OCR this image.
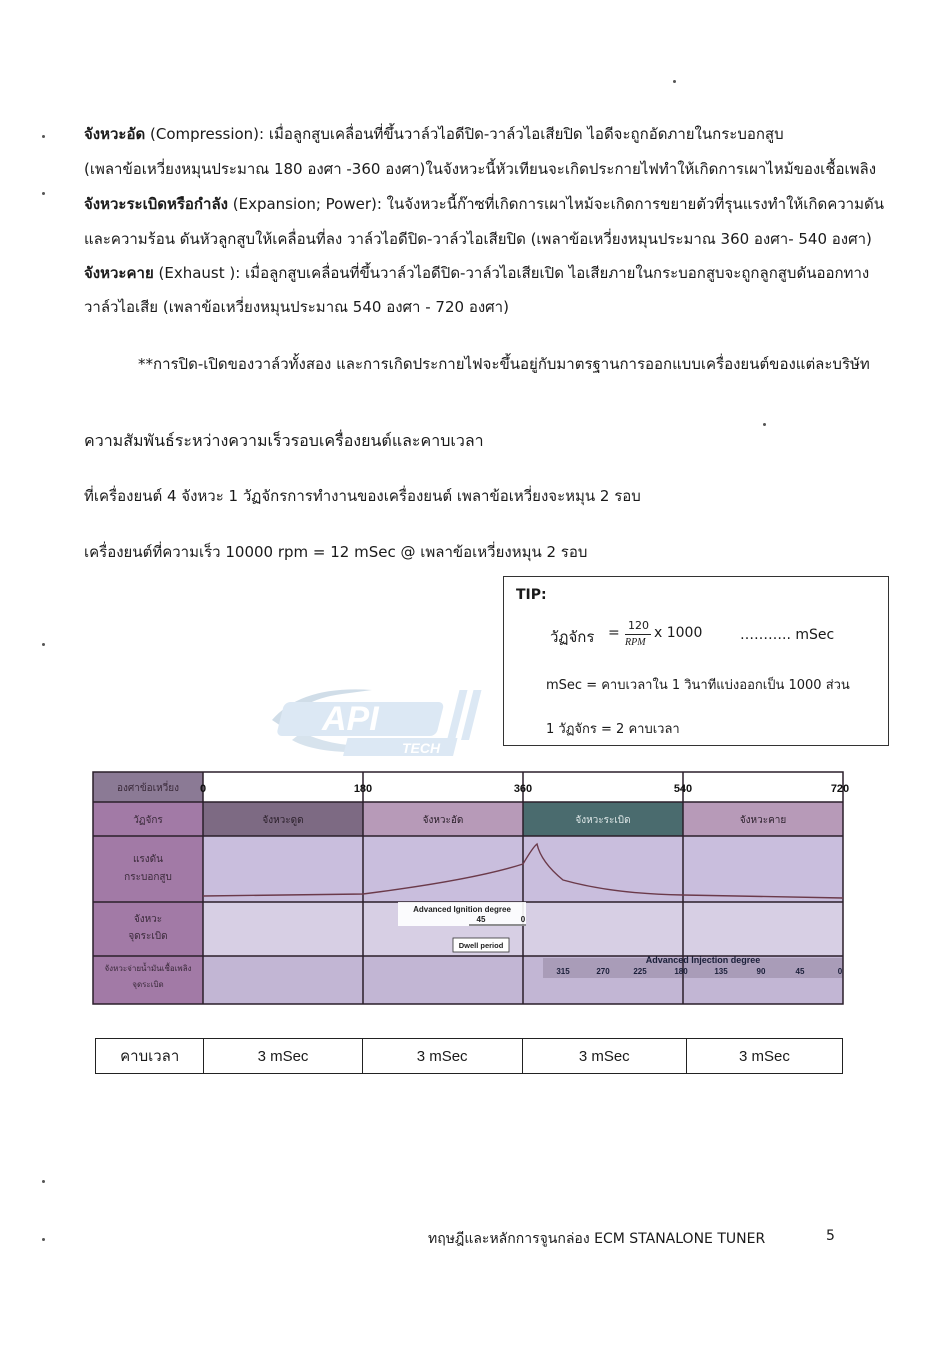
จังหวะอัด (Compression): เมื่อลูกสูบเคลื่อนที่ขึ้นวาล์วไอดีปิด-วาล์วไอเสียปิด ไอดีจะถูกอัดภายในกระบอกสูบ
(เพลาข้อเหวี่ยงหมุนประมาณ 180 องศา -360 องศา)ในจังหวะนี้หัวเทียนจะเกิดประกายไฟทำให้เกิดการเผาไหม้ของเชื้อเพลิง
จังหวะระเบิดหรือกำลัง (Expansion; Power): ในจังหวะนี้ก๊าซที่เกิดการเผาไหม้จะเกิดการขยายตัวที่รุนแรงทำให้เกิดความดัน
และความร้อน ดันหัวลูกสูบให้เคลื่อนที่ลง วาล์วไอดีปิด-วาล์วไอเสียปิด (เพลาข้อเหวี่ยงหมุนประมาณ 360 องศา- 540 องศา)
จังหวะคาย (Exhaust ): เมื่อลูกสูบเคลื่อนที่ขึ้นวาล์วไอดีปิด-วาล์วไอเสียเปิด ไอเสียภายในกระบอกสูบจะถูกลูกสูบดันออกทาง
วาล์วไอเสีย (เพลาข้อเหวี่ยงหมุนประมาณ 540 องศา - 720 องศา)
**การปิด-เปิดของวาล์วทั้งสอง และการเกิดประกายไฟจะขึ้นอยู่กับมาตรฐานการออกแบบเครื่องยนต์ของแต่ละบริษัท
ความสัมพันธ์ระหว่างความเร็วรอบเครื่องยนต์และคาบเวลา
ที่เครื่องยนต์ 4 จังหวะ 1 วัฏจักรการทำงานของเครื่องยนต์ เพลาข้อเหวี่ยงจะหมุน 2 รอบ
เครื่องยนต์ที่ความเร็ว 10000 rpm = 12 mSec @ เพลาข้อเหวี่ยงหมุน 2 รอบ
API
TECH
TIP:
วัฏจักร = 120
RPM
x 1000	……….. mSec
mSec = คาบเวลาใน 1 วินาทีแบ่งออกเป็น 1000 ส่วน
1 วัฏจักร = 2 คาบเวลา
องศาข้อเหวี่ยง
วัฏจักร
แรงดัน
กระบอกสูบ
จังหวะ
จุดระเบิด
จังหวะจ่ายน้ำมันเชื้อเพลิง
จุดระเบิด
0	180	360	540	720
จังหวะดูด	จังหวะอัด	จังหวะระเบิด	จังหวะคาย
Advanced Ignition degree
45	0
Dwell period
Advanced Injection degree
315	270	225	180	135	90	45	0
คาบเวลา	3 mSec	3 mSec	3 mSec	3 mSec
ทฤษฎีและหลักการจูนกล่อง ECM STANALONE TUNER	5
